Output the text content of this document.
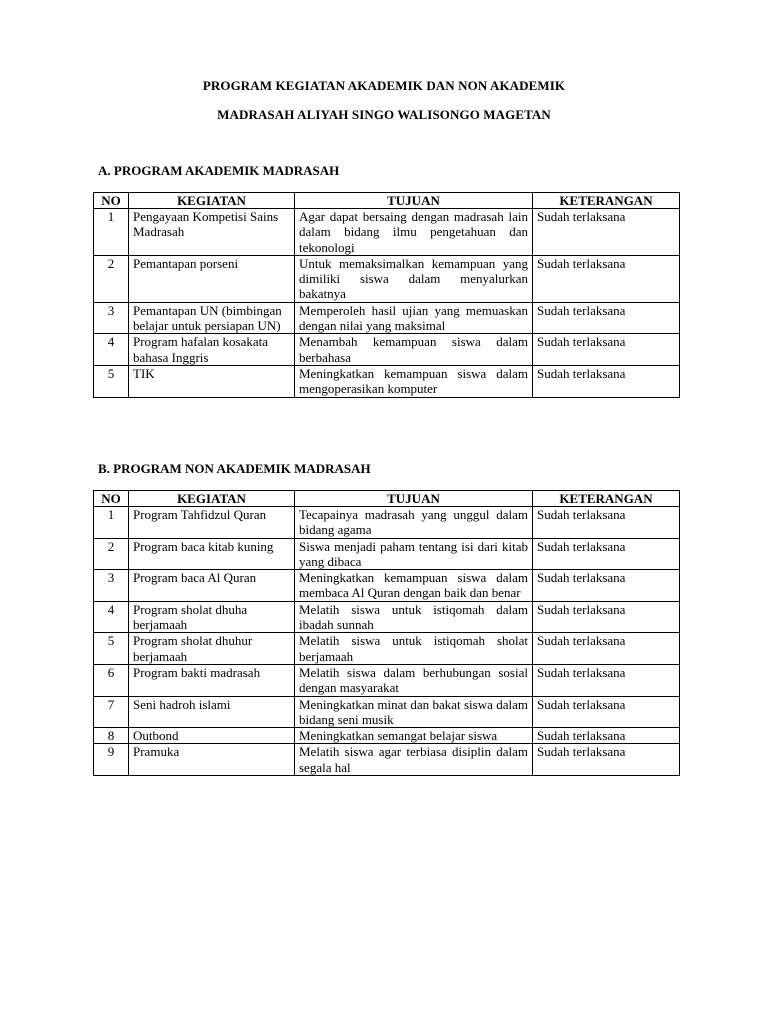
PROGRAM KEGIATAN AKADEMIK DAN NON AKADEMIK
MADRASAH ALIYAH SINGO WALISONGO MAGETAN
A. PROGRAM AKADEMIK MADRASAH
NO	KEGIATAN	TUJUAN	KETERANGAN
1	Pengayaan Kompetisi Sains Madrasah	Agar dapat bersaing dengan madrasah lain dalam bidang ilmu pengetahuan dan tekonologi	Sudah terlaksana
2	Pemantapan porseni	Untuk memaksimalkan kemampuan yang dimiliki siswa dalam menyalurkan bakatnya	Sudah terlaksana
3	Pemantapan UN (bimbingan belajar untuk persiapan UN)	Memperoleh hasil ujian yang memuaskan dengan nilai yang maksimal	Sudah terlaksana
4	Program hafalan kosakata bahasa Inggris	Menambah kemampuan siswa dalam berbahasa	Sudah terlaksana
5	TIK	Meningkatkan kemampuan siswa dalam mengoperasikan komputer	Sudah terlaksana
B. PROGRAM NON AKADEMIK MADRASAH
NO	KEGIATAN	TUJUAN	KETERANGAN
1	Program Tahfidzul Quran	Tecapainya madrasah yang unggul dalam bidang agama	Sudah terlaksana
2	Program baca kitab kuning	Siswa menjadi paham tentang isi dari kitab yang dibaca	Sudah terlaksana
3	Program baca Al Quran	Meningkatkan kemampuan siswa dalam membaca Al Quran dengan baik dan benar	Sudah terlaksana
4	Program sholat dhuha berjamaah	Melatih siswa untuk istiqomah dalam ibadah sunnah	Sudah terlaksana
5	Program sholat dhuhur berjamaah	Melatih siswa untuk istiqomah sholat berjamaah	Sudah terlaksana
6	Program bakti madrasah	Melatih siswa dalam berhubungan sosial dengan masyarakat	Sudah terlaksana
7	Seni hadroh islami	Meningkatkan minat dan bakat siswa dalam bidang seni musik	Sudah terlaksana
8	Outbond	Meningkatkan semangat belajar siswa	Sudah terlaksana
9	Pramuka	Melatih siswa agar terbiasa disiplin dalam segala hal	Sudah terlaksana
